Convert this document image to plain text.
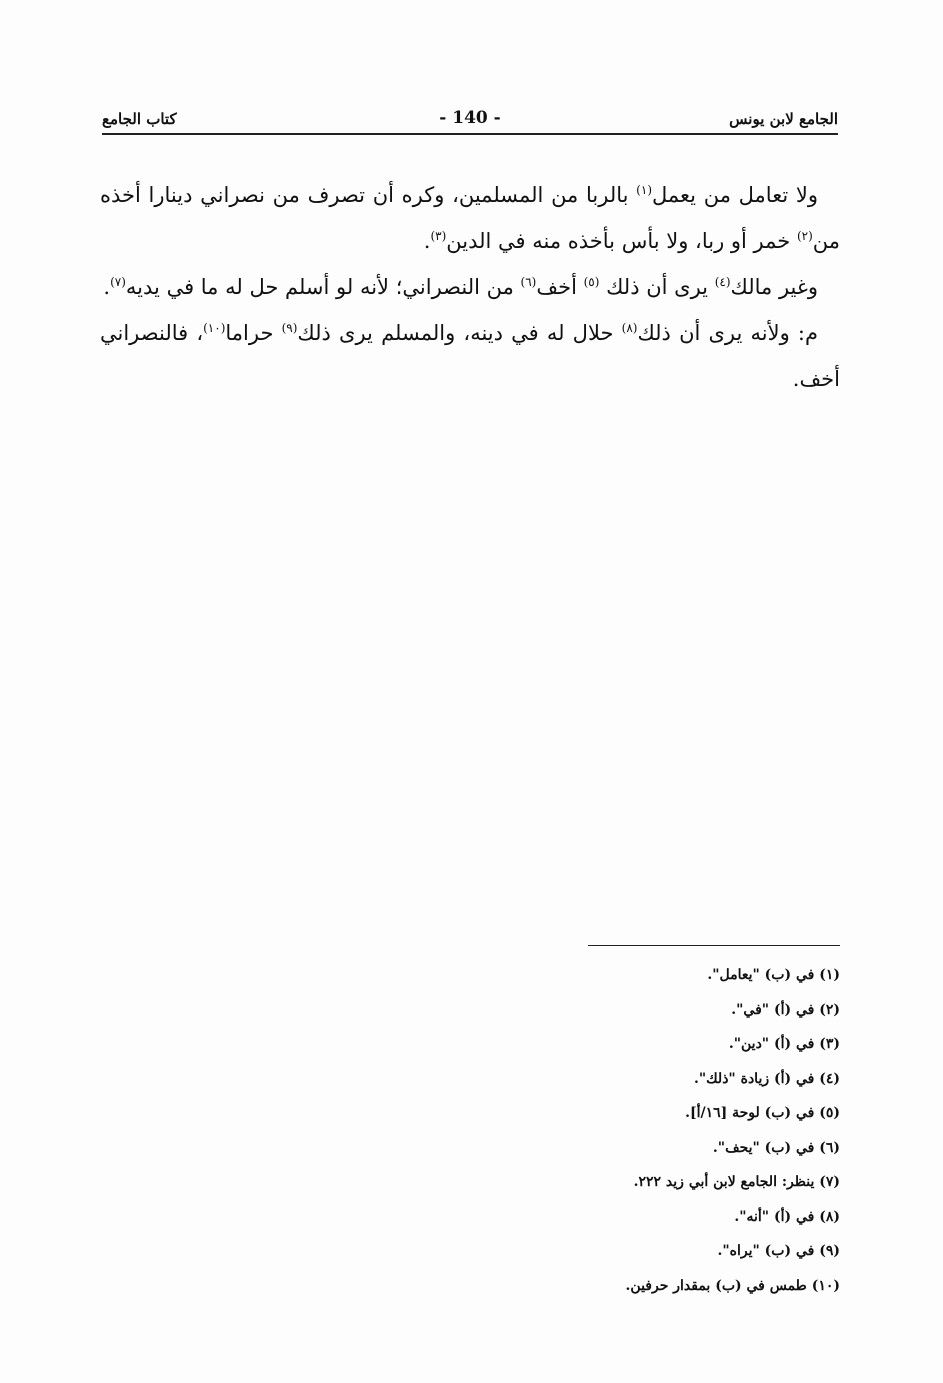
الجامع لابن يونس
- 140 -
كتاب الجامع

ولا تعامل من يعمل$^{(١)}$ بالربا من المسلمين، وكره أن تصرف من نصراني دينارا أخذه من$^{(٢)}$ خمر أو ربا، ولا بأس بأخذه منه في الدين$^{(٣)}$.

وغير مالك$^{(٤)}$ يرى أن ذلك $^{(٥)}$ أخف$^{(٦)}$ من النصراني؛ لأنه لو أسلم حل له ما في يديه$^{(٧)}$.

م: ولأنه يرى أن ذلك$^{(٨)}$ حلال له في دينه، والمسلم يرى ذلك$^{(٩)}$ حراما$^{(١٠)}$، فالنصراني أخف.

(١) في (ب) "يعامل".
(٢) في (أ) "في".
(٣) في (أ) "دين".
(٤) في (أ) زيادة "ذلك".
(٥) في (ب) لوحة [١٦/أ].
(٦) في (ب) "يحف".
(٧) ينظر: الجامع لابن أبي زيد ٢٢٢.
(٨) في (أ) "أنه".
(٩) في (ب) "يراه".
(١٠) طمس في (ب) بمقدار حرفين.
